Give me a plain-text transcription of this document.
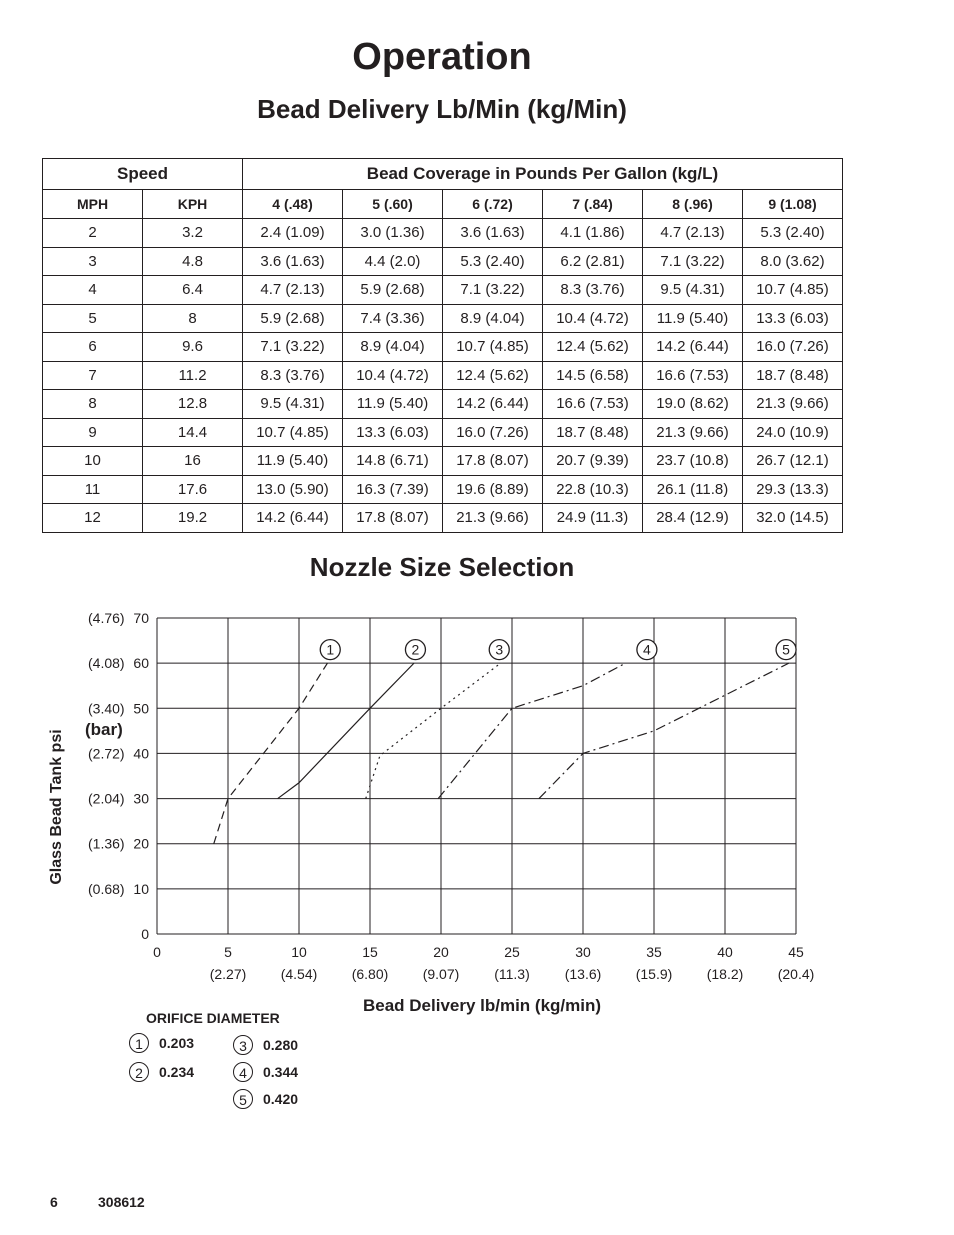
Operation
Bead Delivery Lb/Min (kg/Min)
Speed		Bead Coverage in Pounds Per Gallon (kg/L)					
MPH	KPH	4 (.48)	5 (.60)	6 (.72)	7 (.84)	8 (.96)	9 (1.08)
2	3.2	2.4 (1.09)	3.0 (1.36)	3.6 (1.63)	4.1 (1.86)	4.7 (2.13)	5.3 (2.40)
3	4.8	3.6 (1.63)	4.4 (2.0)	5.3 (2.40)	6.2 (2.81)	7.1 (3.22)	8.0 (3.62)
4	6.4	4.7 (2.13)	5.9 (2.68)	7.1 (3.22)	8.3 (3.76)	9.5 (4.31)	10.7 (4.85)
5	8	5.9 (2.68)	7.4 (3.36)	8.9 (4.04)	10.4 (4.72)	11.9 (5.40)	13.3 (6.03)
6	9.6	7.1 (3.22)	8.9 (4.04)	10.7 (4.85)	12.4 (5.62)	14.2 (6.44)	16.0 (7.26)
7	11.2	8.3 (3.76)	10.4 (4.72)	12.4 (5.62)	14.5 (6.58)	16.6 (7.53)	18.7 (8.48)
8	12.8	9.5 (4.31)	11.9 (5.40)	14.2 (6.44)	16.6 (7.53)	19.0 (8.62)	21.3 (9.66)
9	14.4	10.7 (4.85)	13.3 (6.03)	16.0 (7.26)	18.7 (8.48)	21.3 (9.66)	24.0 (10.9)
10	16	11.9 (5.40)	14.8 (6.71)	17.8 (8.07)	20.7 (9.39)	23.7 (10.8)	26.7 (12.1)
11	17.6	13.0 (5.90)	16.3 (7.39)	19.6 (8.89)	22.8 (10.3)	26.1 (11.8)	29.3 (13.3)
12	19.2	14.2 (6.44)	17.8 (8.07)	21.3 (9.66)	24.9 (11.3)	28.4 (12.9)	32.0 (14.5)
Nozzle Size Selection
0	5
(2.27)
10
(4.54)
15
(6.80)
20
(9.07)
25
(11.3)
30
(13.6)
35
(15.9)
40
(18.2)
45
(20.4)
0
10
(0.68)
20
(1.36)
30
(2.04)
40
(2.72)
50
(3.40)
60
(4.08)
70
(4.76)
Bead Delivery lb/min (kg/min)
Glass Bead Tank psi (bar)
1	2	3	4	5
ORIFICE DIAMETER
1	0.203
2	0.234
3	0.280
4	0.344
5	0.420
6	308612
